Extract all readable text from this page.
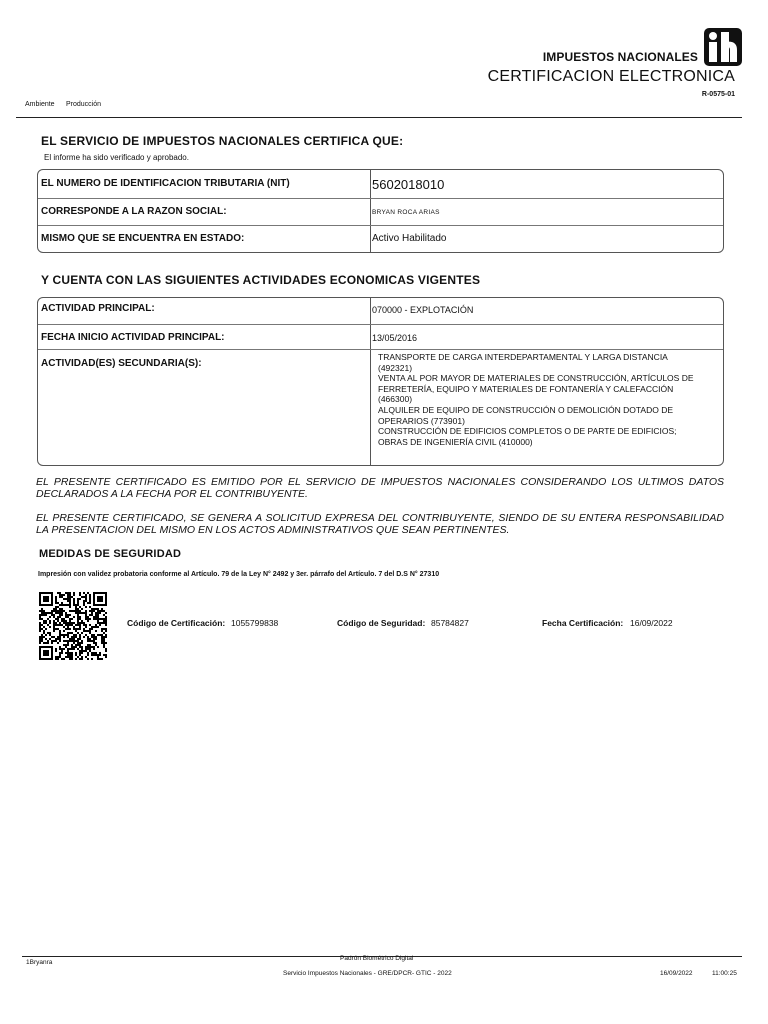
IMPUESTOS NACIONALES
CERTIFICACION ELECTRONICA
R-0575-01
Ambiente Producción
EL SERVICIO DE IMPUESTOS NACIONALES CERTIFICA QUE:
El informe ha sido verificado y aprobado.
EL NUMERO DE IDENTIFICACION TRIBUTARIA (NIT)	5602018010
CORRESPONDE A LA RAZON SOCIAL:	BRYAN ROCA ARIAS
MISMO QUE SE ENCUENTRA EN ESTADO:	Activo Habilitado
Y CUENTA CON LAS SIGUIENTES ACTIVIDADES ECONOMICAS VIGENTES
ACTIVIDAD PRINCIPAL:	070000 - EXPLOTACIÓN
FECHA INICIO ACTIVIDAD PRINCIPAL:	13/05/2016
ACTIVIDAD(ES) SECUNDARIA(S):
TRANSPORTE DE CARGA INTERDEPARTAMENTAL Y LARGA DISTANCIA
(492321)
VENTA AL POR MAYOR DE MATERIALES DE CONSTRUCCIÓN, ARTÍCULOS DE
FERRETERÍA, EQUIPO Y MATERIALES DE FONTANERÍA Y CALEFACCIÓN
(466300)
ALQUILER DE EQUIPO DE CONSTRUCCIÓN O DEMOLICIÓN DOTADO DE
OPERARIOS (773901)
CONSTRUCCIÓN DE EDIFICIOS COMPLETOS O DE PARTE DE EDIFICIOS;
OBRAS DE INGENIERÍA CIVIL (410000)
EL PRESENTE CERTIFICADO ES EMITIDO POR EL SERVICIO DE IMPUESTOS NACIONALES CONSIDERANDO LOS ULTIMOS DATOS DECLARADOS A LA FECHA POR EL CONTRIBUYENTE.
EL PRESENTE CERTIFICADO, SE GENERA A SOLICITUD EXPRESA DEL CONTRIBUYENTE, SIENDO DE SU ENTERA RESPONSABILIDAD LA PRESENTACION DEL MISMO EN LOS ACTOS ADMINISTRATIVOS QUE SEAN PERTINENTES.
MEDIDAS DE SEGURIDAD
Impresión con validez probatoria conforme al Artículo. 79 de la Ley N° 2492 y 3er. párrafo del Artículo. 7 del D.S N° 27310
Código de Certificación: 1055799838	Código de Seguridad: 85784827	Fecha Certificación: 16/09/2022
Padrón Biométrico Digital
1Bryanra
Servicio Impuestos Nacionales - GRE/DPCR- GTIC - 2022	16/09/2022	11:00:25
